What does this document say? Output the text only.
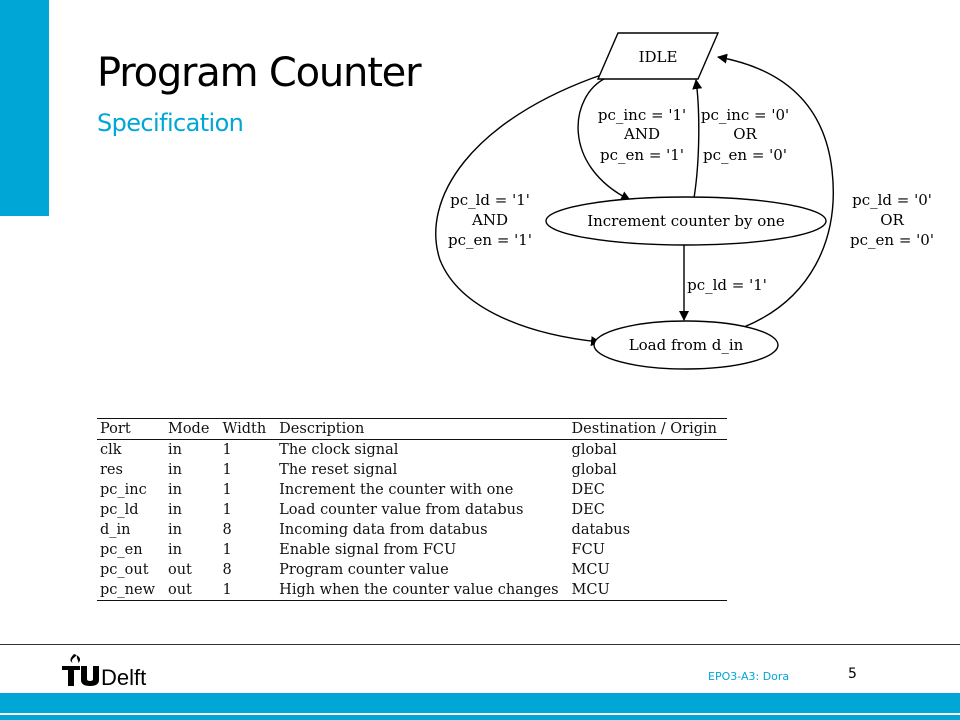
IDLE
Increment counter by one
Load from d_in
pc_inc = '1'
AND
pc_en = '1'
pc_inc = '0'
OR
pc_en = '0'
pc_ld = '1'
AND
pc_en = '1'
pc_ld = '0'
OR
pc_en = '0'
pc_ld = '1'
Program Counter
Specification
Port	Mode	Width	Description	Destination / Origin
clk	in	1	The clock signal	global
res	in	1	The reset signal	global
pc_inc	in	1	Increment the counter with one	DEC
pc_ld	in	1	Load counter value from databus	DEC
d_in	in	8	Incoming data from databus	databus
pc_en	in	1	Enable signal from FCU	FCU
pc_out	out	8	Program counter value	MCU
pc_new	out	1	High when the counter value changes	MCU
Delft	EPO3-A3: Dora	5
